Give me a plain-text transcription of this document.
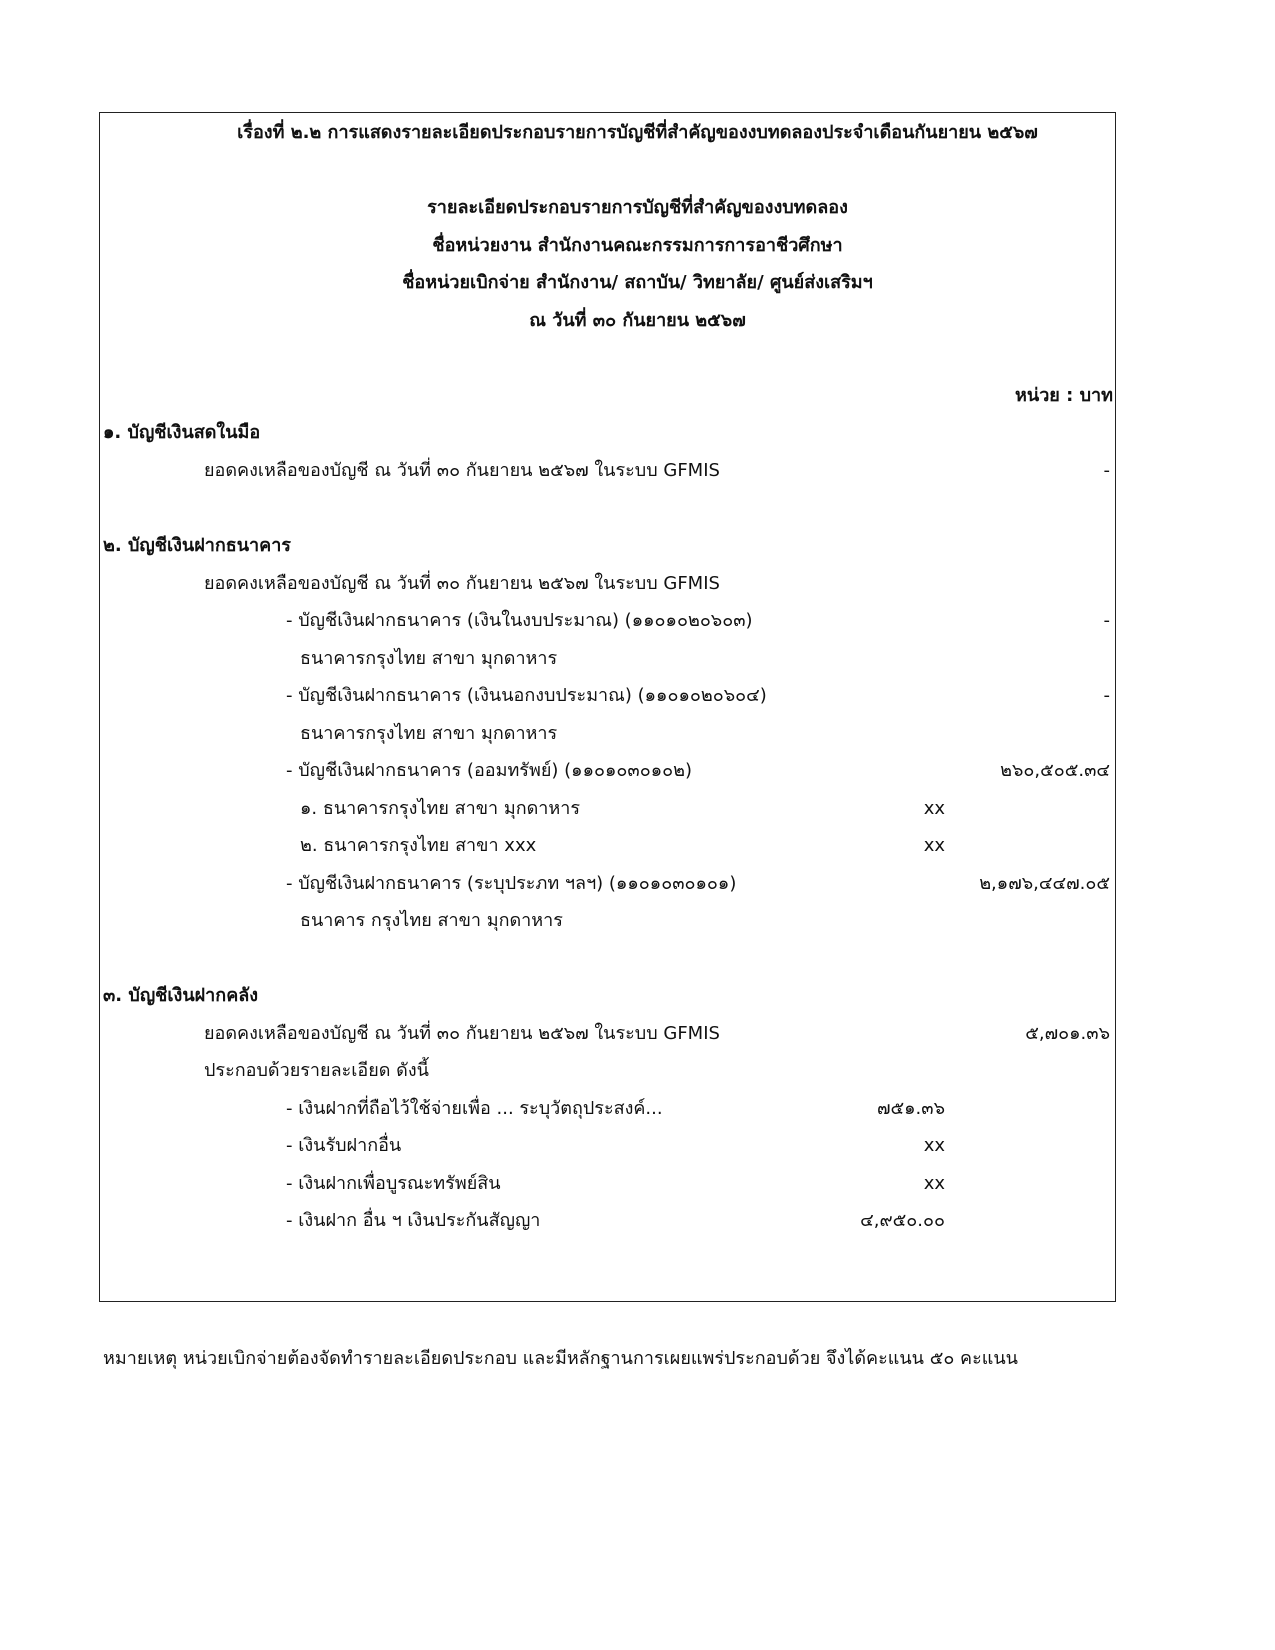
เรื่องที่ ๒.๒ การแสดงรายละเอียดประกอบรายการบัญชีที่สำคัญของงบทดลองประจำเดือนกันยายน ๒๕๖๗
รายละเอียดประกอบรายการบัญชีที่สำคัญของงบทดลอง
ชื่อหน่วยงาน สำนักงานคณะกรรมการการอาชีวศึกษา
ชื่อหน่วยเบิกจ่าย สำนักงาน/ สถาบัน/ วิทยาลัย/ ศูนย์ส่งเสริมฯ
ณ วันที่ ๓๐ กันยายน ๒๕๖๗
หน่วย : บาท
๑. บัญชีเงินสดในมือ
ยอดคงเหลือของบัญชี ณ วันที่ ๓๐ กันยายน ๒๕๖๗ ในระบบ GFMIS	-
๒. บัญชีเงินฝากธนาคาร
ยอดคงเหลือของบัญชี ณ วันที่ ๓๐ กันยายน ๒๕๖๗ ในระบบ GFMIS
- บัญชีเงินฝากธนาคาร (เงินในงบประมาณ) (๑๑๐๑๐๒๐๖๐๓)	-
ธนาคารกรุงไทย สาขา มุกดาหาร
- บัญชีเงินฝากธนาคาร (เงินนอกงบประมาณ) (๑๑๐๑๐๒๐๖๐๔)	-
ธนาคารกรุงไทย สาขา มุกดาหาร
- บัญชีเงินฝากธนาคาร (ออมทรัพย์) (๑๑๐๑๐๓๐๑๐๒)	๒๖๐,๕๐๕.๓๔
๑. ธนาคารกรุงไทย สาขา มุกดาหาร	xx
๒. ธนาคารกรุงไทย สาขา xxx	xx
- บัญชีเงินฝากธนาคาร (ระบุประภท ฯลฯ) (๑๑๐๑๐๓๐๑๐๑)	๒,๑๗๖,๔๔๗.๐๕
ธนาคาร กรุงไทย สาขา มุกดาหาร
๓. บัญชีเงินฝากคลัง
ยอดคงเหลือของบัญชี ณ วันที่ ๓๐ กันยายน ๒๕๖๗ ในระบบ GFMIS	๕,๗๐๑.๓๖
ประกอบด้วยรายละเอียด ดังนี้
- เงินฝากที่ถือไว้ใช้จ่ายเพื่อ ... ระบุวัตถุประสงค์...	๗๕๑.๓๖
- เงินรับฝากอื่น	xx
- เงินฝากเพื่อบูรณะทรัพย์สิน	xx
- เงินฝาก อื่น ฯ เงินประกันสัญญา	๔,๙๕๐.๐๐
หมายเหตุ หน่วยเบิกจ่ายต้องจัดทำรายละเอียดประกอบ และมีหลักฐานการเผยแพร่ประกอบด้วย จึงได้คะแนน ๕๐ คะแนน
